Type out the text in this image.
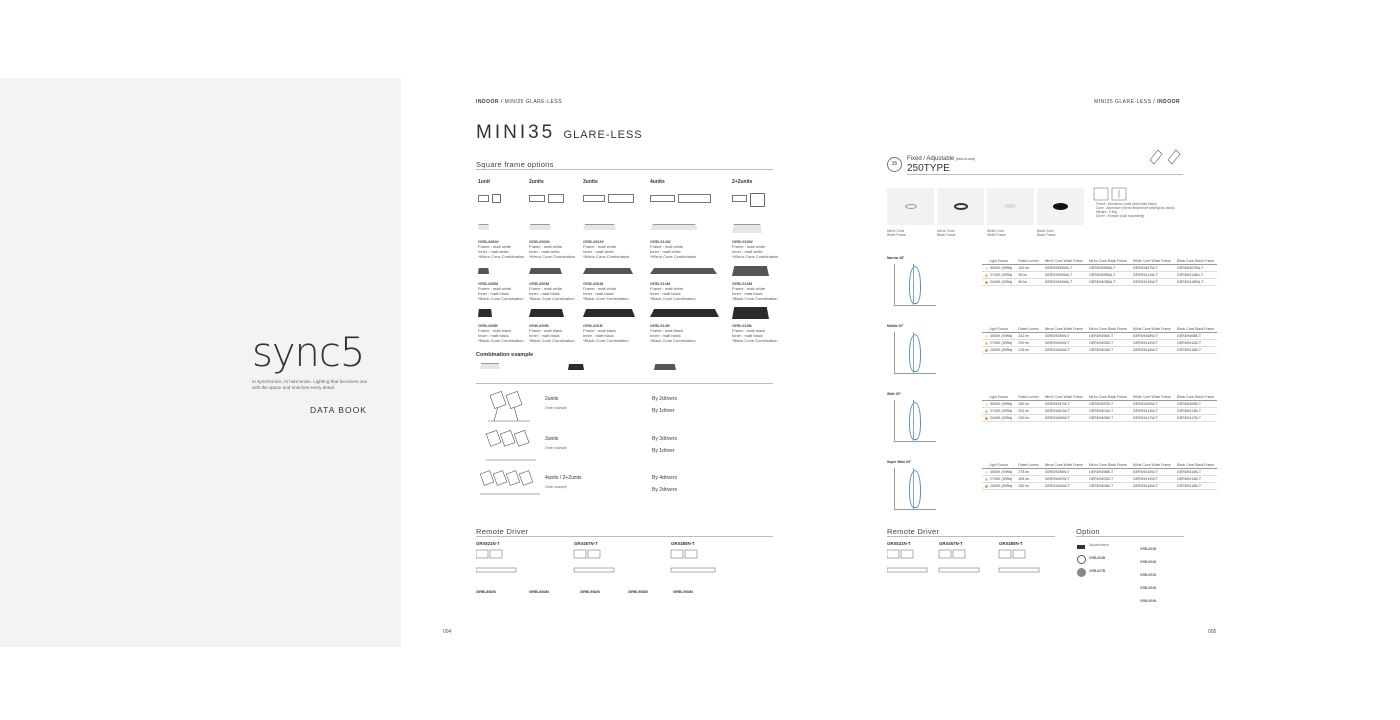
sync5
to synchronize, to harmonize. Lighting that becomes one with the space and enriches every detail.
DATA BOOK
INDOOR / MINI35 GLARE-LESS
MINI35 GLARE-LESS
Square frame options
1unit	2units	3units	4units	2+2units
GRB-889W
Frame : matt white
Inner : matt white
*Mirror Cone Combination
GRB-890W
Frame : matt white
Inner : matt white
*Mirror Cone Combination
GRB-891W
Frame : matt white
Inner : matt white
*Mirror Cone Combination
GRB-914W
Frame : matt white
Inner : matt white
*Mirror Cone Combination
GRB-915W
Frame : matt white
Inner : matt white
*Mirror Cone Combination
GRB-889M
Frame : matt white
Inner : matt black
*Black Cone Combination
GRB-890M
Frame : matt white
Inner : matt black
*Black Cone Combination
GRB-891M
Frame : matt white
Inner : matt black
*Black Cone Combination
GRB-914M
Frame : matt white
Inner : matt black
*Black Cone Combination
GRB-915M
Frame : matt white
Inner : matt black
*Black Cone Combination
GRB-889B
Frame : matt black
Inner : matt black
*Black Cone Combination
GRB-890B
Frame : matt black
Inner : matt black
*Black Cone Combination
GRB-891B
Frame : matt black
Inner : matt black
*Black Cone Combination
GRB-914B
Frame : matt black
Inner : matt black
*Black Cone Combination
GRB-915B
Frame : matt black
Inner : matt black
*Black Cone Combination
Combination example
2units
Order example
By 2drivers
By 1driver
3units
Order example
By 3drivers
By 1driver
4units / 2+2units
Order example
By 4drivers
By 2drivers
Remote Driver
GRX521N-T	GRX467N-T	GRX480N-T
GRB-892N	GRB-893N	GRB-952N	GRB-953N	GRB-954N
004
MINI35 GLARE-LESS / INDOOR
35
Fixed / Adjustable (two-in-one)
250TYPE
Mirror Cone
White Frame
Mirror Cone
Black Frame
White Cone
White Frame
Black Cone
Black Frame
Frame : Aluminum (matt white/matt black)
Cone : Aluminum (mirror finish/matt white/gloss black)
Weight : 0.1kg
Driver : Remote (sold separately)
Narrow 18°
Light Source	Rated Lumen	Mirror Cone White Frame	Mirror Cone Black Frame	White Cone White Frame	Black Cone Black Frame
3000K (90Ra)	100 lm	GERD9395WA-T	GERD9395BA-T	GERD9407W-T	GERD9407BA-T
2700K (90Ra)	95 lm	GERD9399WA-T	GERD9399BA-T	GERD9411W-T	GERD9411BA-T
2400K (90Ra)	90 lm	GERD9403WA-T	GERD9403BA-T	GERD9415W-T	GERD9415BA-T
Middle 22°
Light Source	Rated Lumen	Mirror Cone White Frame	Mirror Cone Black Frame	White Cone White Frame	Black Cone Black Frame
3000K (90Ra)	242 lm	GERD9396W-T	GERD9396B-T	GERD9408W-T	GERD9408B-T
2700K (90Ra)	229 lm	GERD9400W-T	GERD9400B-T	GERD9412W-T	GERD9412B-T
2400K (90Ra)	218 lm	GERD9404W-T	GERD9404B-T	GERD9416W-T	GERD9416B-T
Wide 29°
Light Source	Rated Lumen	Mirror Cone White Frame	Mirror Cone Black Frame	White Cone White Frame	Black Cone Black Frame
3000K (90Ra)	265 lm	GERD9397W-T	GERD9397B-T	GERD9409W-T	GERD9409B-T
2700K (90Ra)	251 lm	GERD9401W-T	GERD9401B-T	GERD9413W-T	GERD9413B-T
2400K (90Ra)	239 lm	GERD9405W-T	GERD9405B-T	GERD9417W-T	GERD9417B-T
Super Wide 54°
Light Source	Rated Lumen	Mirror Cone White Frame	Mirror Cone Black Frame	White Cone White Frame	Black Cone Black Frame
3000K (90Ra)	278 lm	GERD9398W-T	GERD9398B-T	GERD9410W-T	GERD9410B-T
2700K (90Ra)	264 lm	GERD9402W-T	GERD9402B-T	GERD9414W-T	GERD9414B-T
2400K (90Ra)	252 lm	GERD9406W-T	GERD9406B-T	GERD9418W-T	GERD9418B-T
Remote Driver
GRX521N-T	GRX467N-T	GRX480N-T
Option
Square frame
GRB-894B
GRB-897B
GRB-892N
GRB-893N
GRB-952N
GRB-953N
GRB-954N
005
